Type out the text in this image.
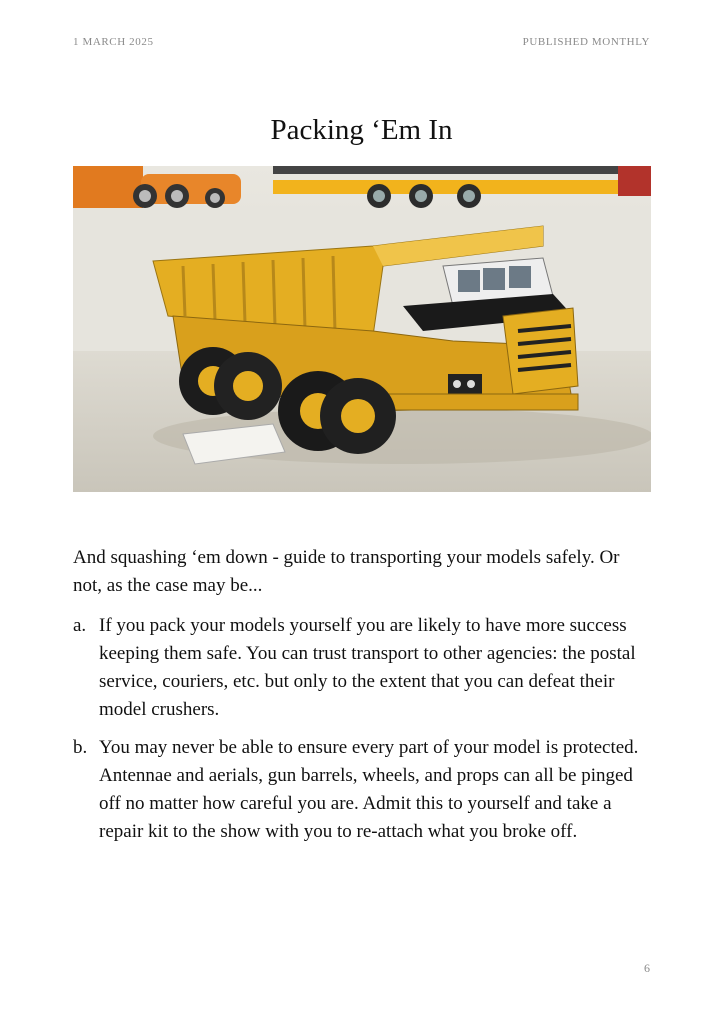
1 MARCH 2025	PUBLISHED MONTHLY
Packing ‘Em In

And squashing ‘em down - guide to transporting your models safely. Or not, as the case may be...

a. If you pack your models yourself you are likely to have more success keeping them safe. You can trust transport to other agencies: the postal service, couriers, etc. but only to the extent that you can defeat their model crushers.
b. You may never be able to ensure every part of your model is protected. Antennae and aerials, gun barrels, wheels, and props can all be pinged off no matter how careful you are. Admit this to yourself and take a repair kit to the show with you to re-attach what you broke off.
6
